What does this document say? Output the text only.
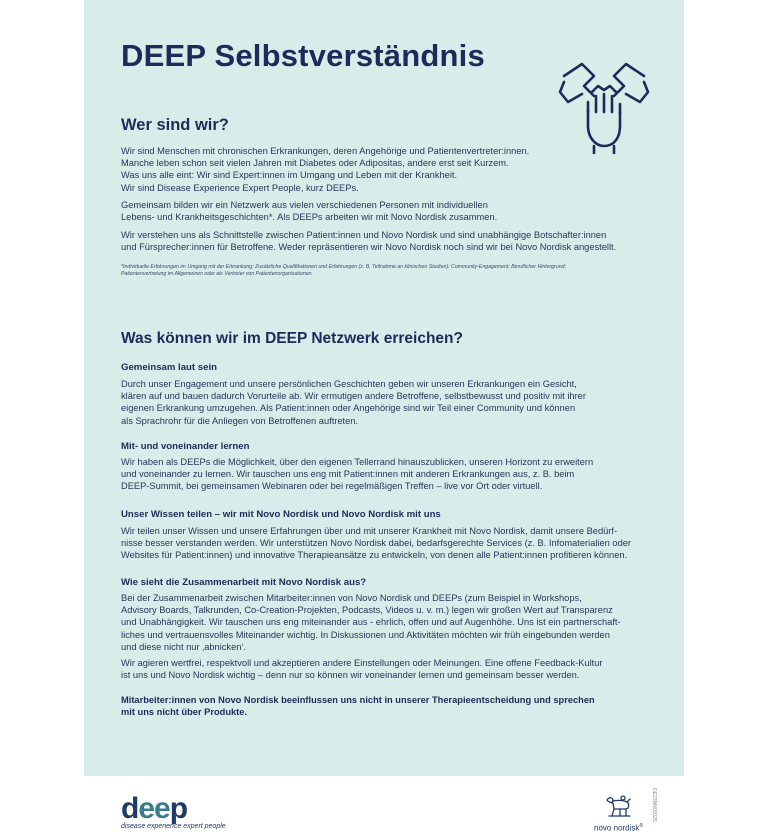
DEEP Selbstverständnis
Wer sind wir?
Wir sind Menschen mit chronischen Erkrankungen, deren Angehörige und Patientenvertreter:innen.
Manche leben schon seit vielen Jahren mit Diabetes oder Adipositas, andere erst seit Kurzem.
Was uns alle eint: Wir sind Expert:innen im Umgang und Leben mit der Krankheit.
Wir sind Disease Experience Expert People, kurz DEEPs.
Gemeinsam bilden wir ein Netzwerk aus vielen verschiedenen Personen mit individuellen
Lebens- und Krankheitsgeschichten*. Als DEEPs arbeiten wir mit Novo Nordisk zusammen.
Wir verstehen uns als Schnittstelle zwischen Patient:innen und Novo Nordisk und sind unabhängige Botschafter:innen
und Fürsprecher:innen für Betroffene. Weder repräsentieren wir Novo Nordisk noch sind wir bei Novo Nordisk angestellt.
*Individuelle Erfahrungen im Umgang mit der Erkrankung; Zusätzliche Qualifikationen und Erfahrungen (z. B. Teilnahme an klinischen Studien); Community-Engagement; Beruflicher Hintergrund;
Patientenvertretung im Allgemeinen oder als Vertreter von Patientenorganisationen.
Was können wir im DEEP Netzwerk erreichen?
Gemeinsam laut sein
Durch unser Engagement und unsere persönlichen Geschichten geben wir unseren Erkrankungen ein Gesicht,
klären auf und bauen dadurch Vorurteile ab. Wir ermutigen andere Betroffene, selbstbewusst und positiv mit ihrer
eigenen Erkrankung umzugehen. Als Patient:innen oder Angehörige sind wir Teil einer Community und können
als Sprachrohr für die Anliegen von Betroffenen auftreten.
Mit- und voneinander lernen
Wir haben als DEEPs die Möglichkeit, über den eigenen Tellerrand hinauszublicken, unseren Horizont zu erweitern
und voneinander zu lernen. Wir tauschen uns eng mit Patient:innen mit anderen Erkrankungen aus, z. B. beim
DEEP-Summit, bei gemeinsamen Webinaren oder bei regelmäßigen Treffen – live vor Ort oder virtuell.
Unser Wissen teilen – wir mit Novo Nordisk und Novo Nordisk mit uns
Wir teilen unser Wissen und unsere Erfahrungen über und mit unserer Krankheit mit Novo Nordisk, damit unsere Bedürf-
nisse besser verstanden werden. Wir unterstützen Novo Nordisk dabei, bedarfsgerechte Services (z. B. Infomaterialien oder
Websites für Patient:innen) und innovative Therapieansätze zu entwickeln, von denen alle Patient:innen profitieren können.
Wie sieht die Zusammenarbeit mit Novo Nordisk aus?
Bei der Zusammenarbeit zwischen Mitarbeiter:innen von Novo Nordisk und DEEPs (zum Beispiel in Workshops,
Advisory Boards, Talkrunden, Co-Creation-Projekten, Podcasts, Videos u. v. m.) legen wir großen Wert auf Transparenz
und Unabhängigkeit. Wir tauschen uns eng miteinander aus - ehrlich, offen und auf Augenhöhe. Uns ist ein partnerschaft-
liches und vertrauensvolles Miteinander wichtig. In Diskussionen und Aktivitäten möchten wir früh eingebunden werden
und diese nicht nur ‚abnicken‘.
Wir agieren wertfrei, respektvoll und akzeptieren andere Einstellungen oder Meinungen. Eine offene Feedback-Kultur
ist uns und Novo Nordisk wichtig – denn nur so können wir voneinander lernen und gemeinsam besser werden.
Mitarbeiter:innen von Novo Nordisk beeinflussen uns nicht in unserer Therapieentscheidung und sprechen
mit uns nicht über Produkte.
deep
disease experience expert people	novo nordisk®
DE23NN00025
